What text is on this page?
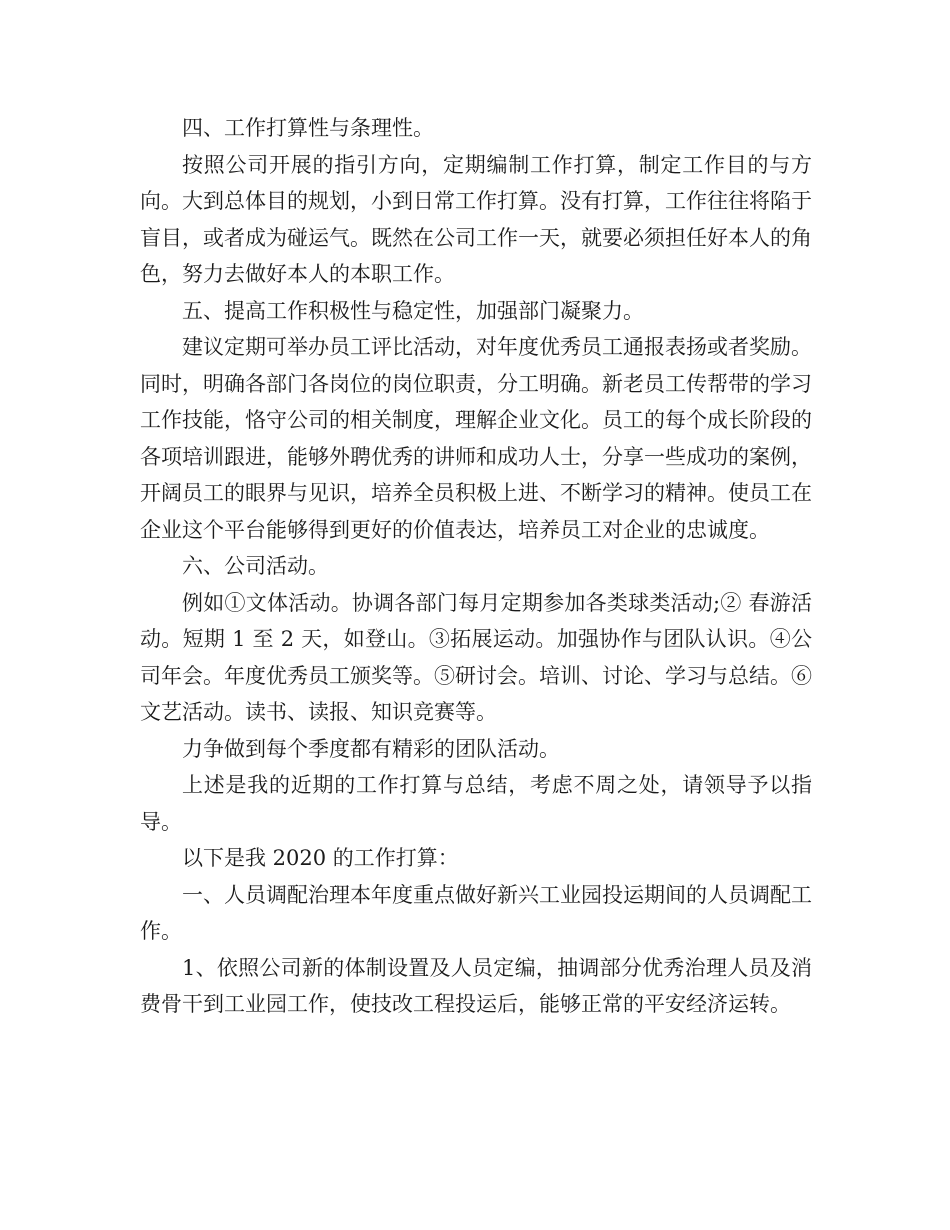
四、工作打算性与条理性。

按照公司开展的指引方向，定期编制工作打算，制定工作目的与方向。大到总体目的规划，小到日常工作打算。没有打算，工作往往将陷于盲目，或者成为碰运气。既然在公司工作一天，就要必须担任好本人的角色，努力去做好本人的本职工作。

五、提高工作积极性与稳定性，加强部门凝聚力。

建议定期可举办员工评比活动，对年度优秀员工通报表扬或者奖励。同时，明确各部门各岗位的岗位职责，分工明确。新老员工传帮带的学习工作技能，恪守公司的相关制度，理解企业文化。员工的每个成长阶段的各项培训跟进，能够外聘优秀的讲师和成功人士，分享一些成功的案例，开阔员工的眼界与见识，培养全员积极上进、不断学习的精神。使员工在企业这个平台能够得到更好的价值表达，培养员工对企业的忠诚度。

六、公司活动。

例如①文体活动。协调各部门每月定期参加各类球类活动;② 春游活动。短期 1 至 2 天，如登山。③拓展运动。加强协作与团队认识。④公司年会。年度优秀员工颁奖等。⑤研讨会。培训、讨论、学习与总结。⑥文艺活动。读书、读报、知识竞赛等。

力争做到每个季度都有精彩的团队活动。

上述是我的近期的工作打算与总结，考虑不周之处，请领导予以指导。

以下是我 2020 的工作打算：

一、人员调配治理本年度重点做好新兴工业园投运期间的人员调配工作。

1、依照公司新的体制设置及人员定编，抽调部分优秀治理人员及消费骨干到工业园工作，使技改工程投运后，能够正常的平安经济运转。
